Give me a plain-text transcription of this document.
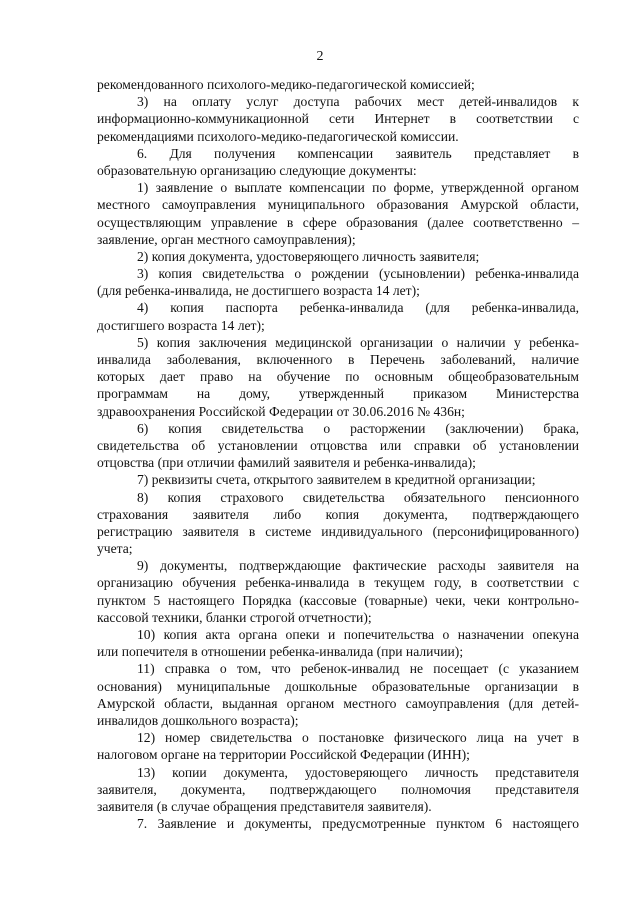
2
рекомендованного психолого-медико-педагогической комиссией;
3) на оплату услуг доступа рабочих мест детей-инвалидов к
информационно-коммуникационной сети Интернет в соответствии с
рекомендациями психолого-медико-педагогической комиссии.
6. Для получения компенсации заявитель представляет в
образовательную организацию следующие документы:
1) заявление о выплате компенсации по форме, утвержденной органом
местного самоуправления муниципального образования Амурской области,
осуществляющим управление в сфере образования (далее соответственно –
заявление, орган местного самоуправления);
2) копия документа, удостоверяющего личность заявителя;
3) копия свидетельства о рождении (усыновлении) ребенка-инвалида
(для ребенка-инвалида, не достигшего возраста 14 лет);
4) копия паспорта ребенка-инвалида (для ребенка-инвалида,
достигшего возраста 14 лет);
5) копия заключения медицинской организации о наличии у ребенка-
инвалида заболевания, включенного в Перечень заболеваний, наличие
которых дает право на обучение по основным общеобразовательным
программам на дому, утвержденный приказом Министерства
здравоохранения Российской Федерации от 30.06.2016 № 436н;
6) копия свидетельства о расторжении (заключении) брака,
свидетельства об установлении отцовства или справки об установлении
отцовства (при отличии фамилий заявителя и ребенка-инвалида);
7) реквизиты счета, открытого заявителем в кредитной организации;
8) копия страхового свидетельства обязательного пенсионного
страхования заявителя либо копия документа, подтверждающего
регистрацию заявителя в системе индивидуального (персонифицированного)
учета;
9) документы, подтверждающие фактические расходы заявителя на
организацию обучения ребенка-инвалида в текущем году, в соответствии с
пунктом 5 настоящего Порядка (кассовые (товарные) чеки, чеки контрольно-
кассовой техники, бланки строгой отчетности);
10) копия акта органа опеки и попечительства о назначении опекуна
или попечителя в отношении ребенка-инвалида (при наличии);
11) справка о том, что ребенок-инвалид не посещает (с указанием
основания) муниципальные дошкольные образовательные организации в
Амурской области, выданная органом местного самоуправления (для детей-
инвалидов дошкольного возраста);
12) номер свидетельства о постановке физического лица на учет в
налоговом органе на территории Российской Федерации (ИНН);
13) копии документа, удостоверяющего личность представителя
заявителя, документа, подтверждающего полномочия представителя
заявителя (в случае обращения представителя заявителя).
7. Заявление и документы, предусмотренные пунктом 6 настоящего
